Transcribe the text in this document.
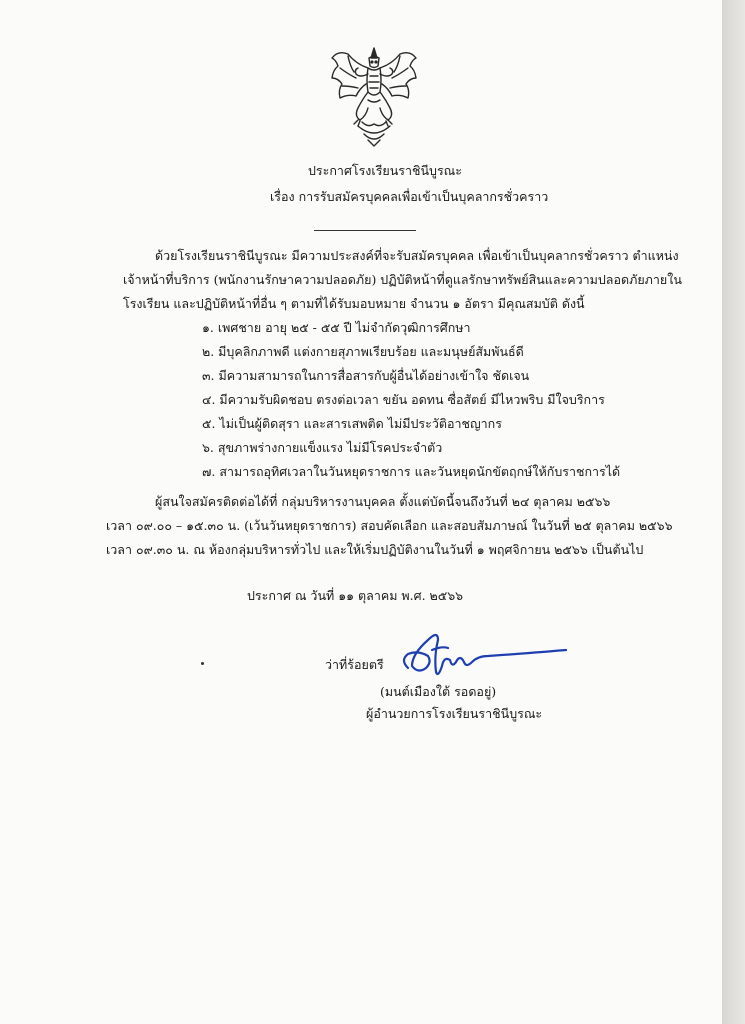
ประกาศโรงเรียนราชินีบูรณะ
เรื่อง การรับสมัครบุคคลเพื่อเข้าเป็นบุคลากรชั่วคราว
ด้วยโรงเรียนราชินีบูรณะ มีความประสงค์ที่จะรับสมัครบุคคล เพื่อเข้าเป็นบุคลากรชั่วคราว ตำแหน่ง
เจ้าหน้าที่บริการ (พนักงานรักษาความปลอดภัย) ปฏิบัติหน้าที่ดูแลรักษาทรัพย์สินและความปลอดภัยภายใน
โรงเรียน และปฏิบัติหน้าที่อื่น ๆ ตามที่ได้รับมอบหมาย จำนวน ๑ อัตรา มีคุณสมบัติ ดังนี้
๑. เพศชาย อายุ ๒๕ - ๕๕ ปี ไม่จำกัดวุฒิการศึกษา
๒. มีบุคลิกภาพดี แต่งกายสุภาพเรียบร้อย และมนุษย์สัมพันธ์ดี
๓. มีความสามารถในการสื่อสารกับผู้อื่นได้อย่างเข้าใจ ชัดเจน
๔. มีความรับผิดชอบ ตรงต่อเวลา ขยัน อดทน ซื่อสัตย์ มีไหวพริบ มีใจบริการ
๕. ไม่เป็นผู้ติดสุรา และสารเสพติด ไม่มีประวัติอาชญากร
๖. สุขภาพร่างกายแข็งแรง ไม่มีโรคประจำตัว
๗. สามารถอุทิศเวลาในวันหยุดราชการ และวันหยุดนักขัตฤกษ์ให้กับราชการได้
ผู้สนใจสมัครติดต่อได้ที่ กลุ่มบริหารงานบุคคล ตั้งแต่บัดนี้จนถึงวันที่ ๒๔ ตุลาคม ๒๕๖๖
เวลา ๐๙.๐๐ – ๑๕.๓๐ น. (เว้นวันหยุดราชการ) สอบคัดเลือก และสอบสัมภาษณ์ ในวันที่ ๒๕ ตุลาคม ๒๕๖๖
เวลา ๐๙.๓๐ น. ณ ห้องกลุ่มบริหารทั่วไป และให้เริ่มปฏิบัติงานในวันที่ ๑ พฤศจิกายน ๒๕๖๖ เป็นต้นไป
ประกาศ ณ วันที่ ๑๑ ตุลาคม พ.ศ. ๒๕๖๖
ว่าที่ร้อยตรี
(มนต์เมืองใต้ รอดอยู่)
ผู้อำนวยการโรงเรียนราชินีบูรณะ
